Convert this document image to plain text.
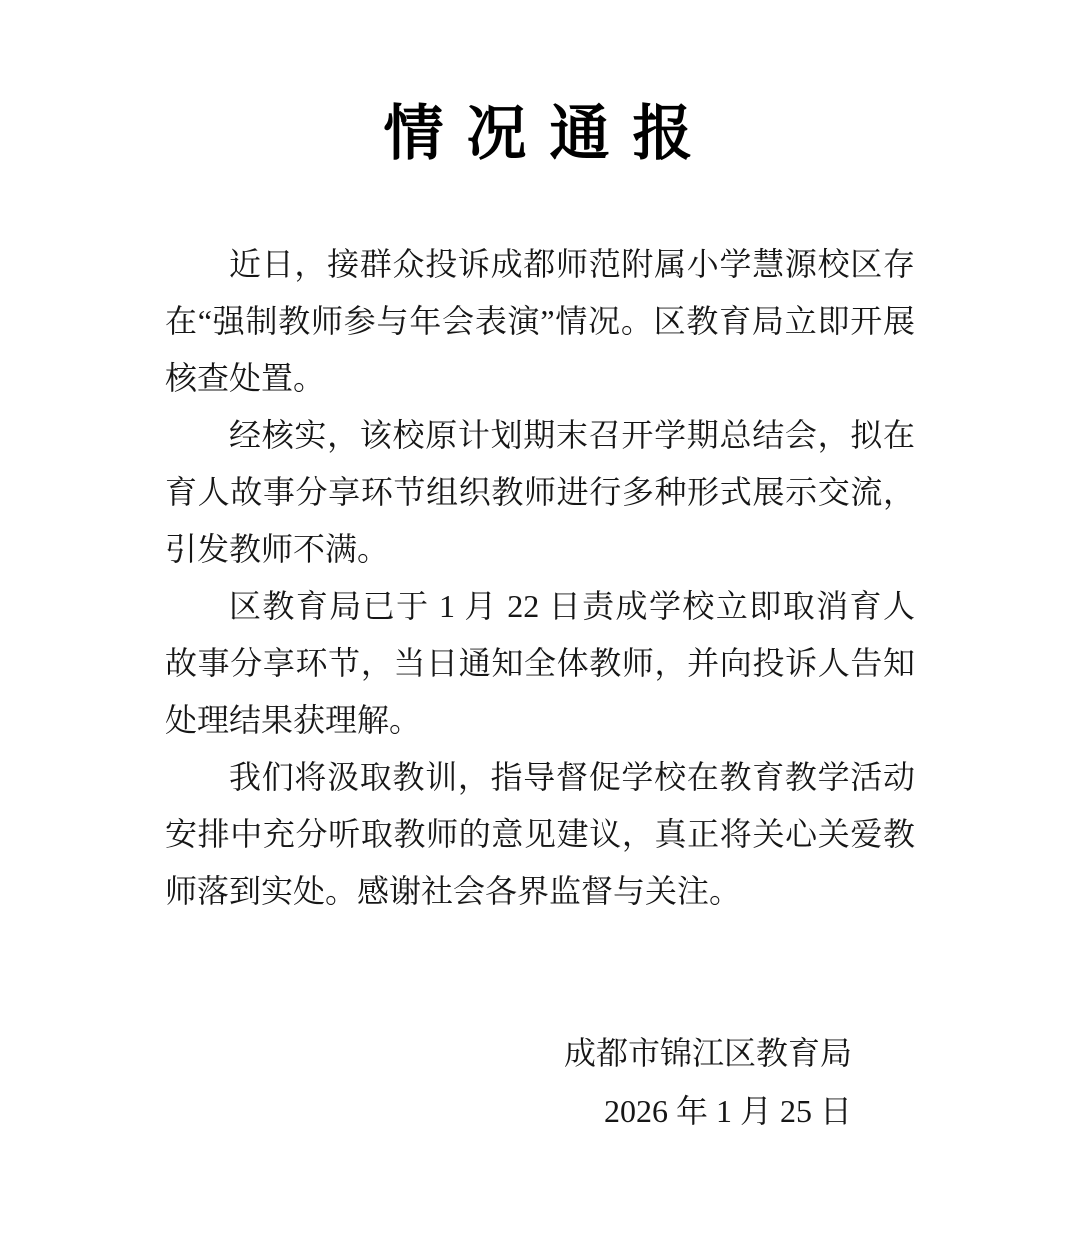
情 况 通 报

近日，接群众投诉成都师范附属小学慧源校区存在“强制教师参与年会表演”情况。区教育局立即开展核查处置。

经核实，该校原计划期末召开学期总结会，拟在育人故事分享环节组织教师进行多种形式展示交流，引发教师不满。

区教育局已于 1 月 22 日责成学校立即取消育人故事分享环节，当日通知全体教师，并向投诉人告知处理结果获理解。

我们将汲取教训，指导督促学校在教育教学活动安排中充分听取教师的意见建议，真正将关心关爱教师落到实处。感谢社会各界监督与关注。

成都市锦江区教育局
2026 年 1 月 25 日
